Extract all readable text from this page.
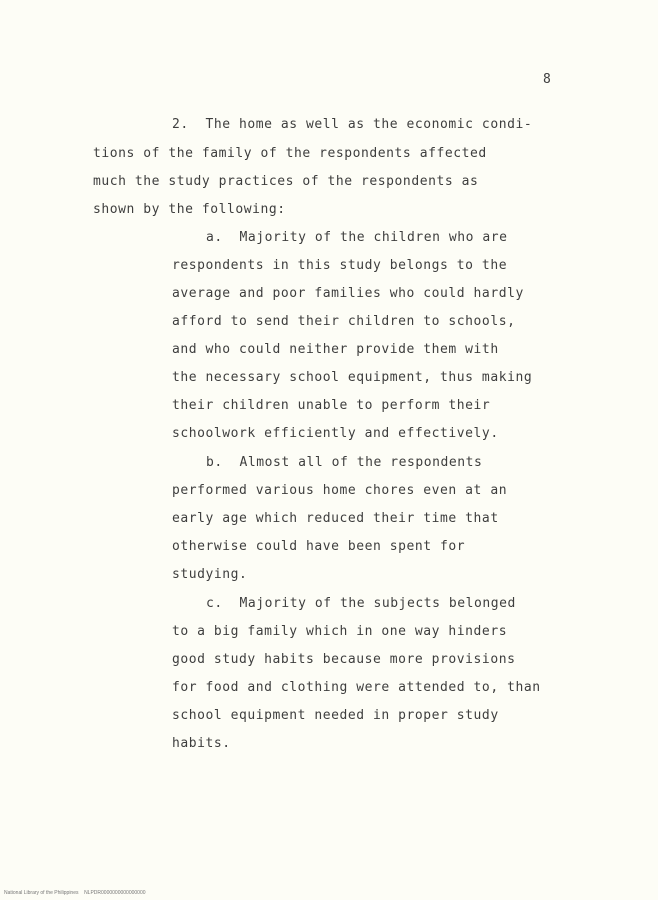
8
2.  The home as well as the economic condi-
tions of the family of the respondents affected
much the study practices of the respondents as
shown by the following:
a.  Majority of the children who are
respondents in this study belongs to the
average and poor families who could hardly
afford to send their children to schools,
and who could neither provide them with
the necessary school equipment, thus making
their children unable to perform their
schoolwork efficiently and effectively.
b.  Almost all of the respondents
performed various home chores even at an
early age which reduced their time that
otherwise could have been spent for
studying.
c.  Majority of the subjects belonged
to a big family which in one way hinders
good study habits because more provisions
for food and clothing were attended to, than
school equipment needed in proper study
habits.
National Library of the Philippines NLPDR0000000000000000
